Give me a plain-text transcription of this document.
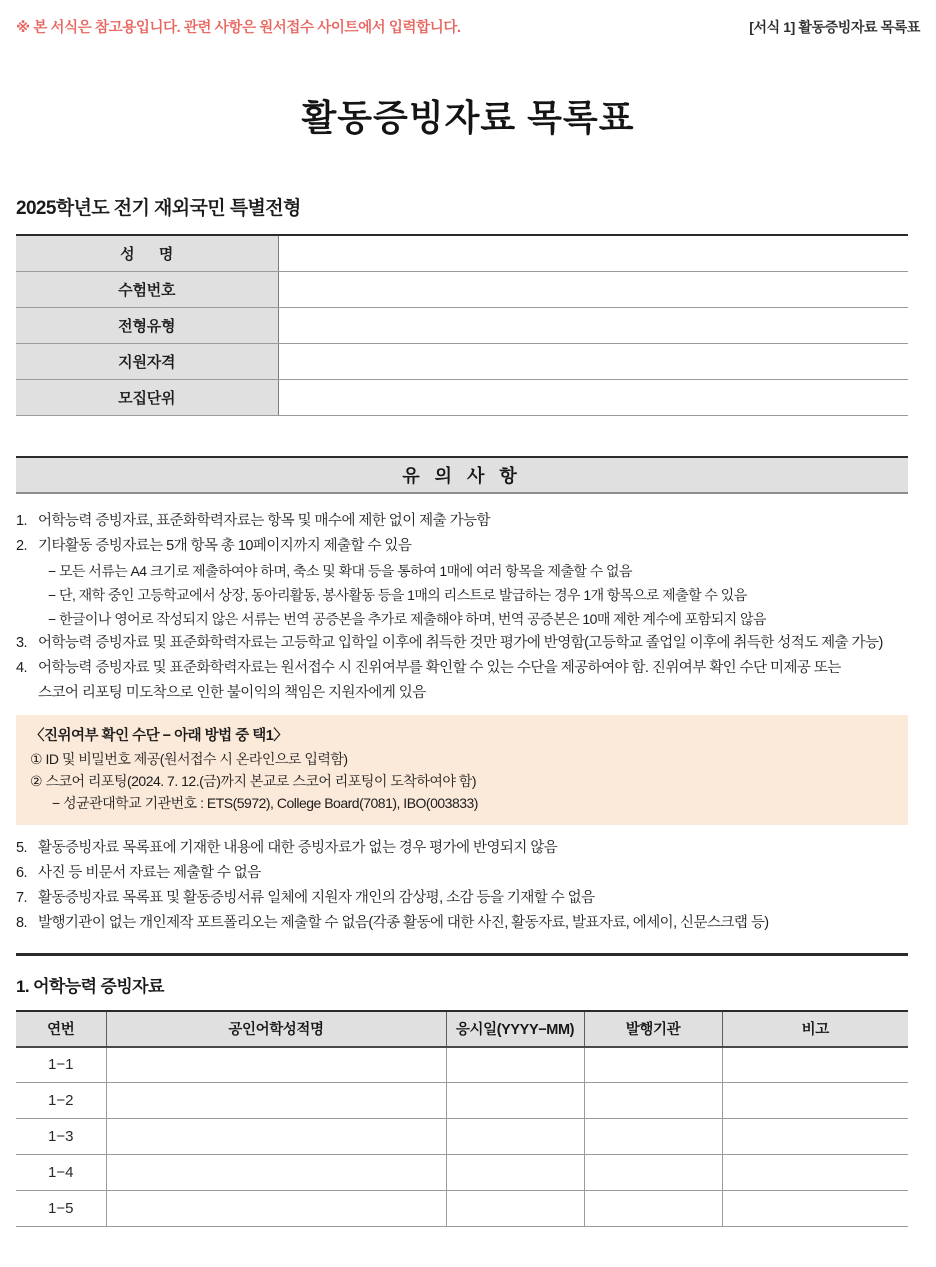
※ 본 서식은 참고용입니다. 관련 사항은 원서접수 사이트에서 입력합니다.	[서식 1] 활동증빙자료 목록표
활동증빙자료 목록표
2025학년도 전기 재외국민 특별전형
성 명	
수험번호	
전형유형	
지원자격	
모집단위	
유 의 사 항
1. 어학능력 증빙자료, 표준화학력자료는 항목 및 매수에 제한 없이 제출 가능함
2. 기타활동 증빙자료는 5개 항목 총 10페이지까지 제출할 수 있음
− 모든 서류는 A4 크기로 제출하여야 하며, 축소 및 확대 등을 통하여 1매에 여러 항목을 제출할 수 없음
− 단, 재학 중인 고등학교에서 상장, 동아리활동, 봉사활동 등을 1매의 리스트로 발급하는 경우 1개 항목으로 제출할 수 있음
− 한글이나 영어로 작성되지 않은 서류는 번역 공증본을 추가로 제출해야 하며, 번역 공증본은 10매 제한 계수에 포함되지 않음
3. 어학능력 증빙자료 및 표준화학력자료는 고등학교 입학일 이후에 취득한 것만 평가에 반영함(고등학교 졸업일 이후에 취득한 성적도 제출 가능)
4. 어학능력 증빙자료 및 표준화학력자료는 원서접수 시 진위여부를 확인할 수 있는 수단을 제공하여야 함. 진위여부 확인 수단 미제공 또는
스코어 리포팅 미도착으로 인한 불이익의 책임은 지원자에게 있음
〈진위여부 확인 수단 − 아래 방법 중 택1〉
① ID 및 비밀번호 제공(원서접수 시 온라인으로 입력함)
② 스코어 리포팅(2024. 7. 12.(금)까지 본교로 스코어 리포팅이 도착하여야 함)
− 성균관대학교 기관번호 : ETS(5972), College Board(7081), IBO(003833)
5. 활동증빙자료 목록표에 기재한 내용에 대한 증빙자료가 없는 경우 평가에 반영되지 않음
6. 사진 등 비문서 자료는 제출할 수 없음
7. 활동증빙자료 목록표 및 활동증빙서류 일체에 지원자 개인의 감상평, 소감 등을 기재할 수 없음
8. 발행기관이 없는 개인제작 포트폴리오는 제출할 수 없음(각종 활동에 대한 사진, 활동자료, 발표자료, 에세이, 신문스크랩 등)
1. 어학능력 증빙자료
연번	공인어학성적명	응시일(YYYY−MM)	발행기관	비고
1−1				
1−2				
1−3				
1−4				
1−5				
